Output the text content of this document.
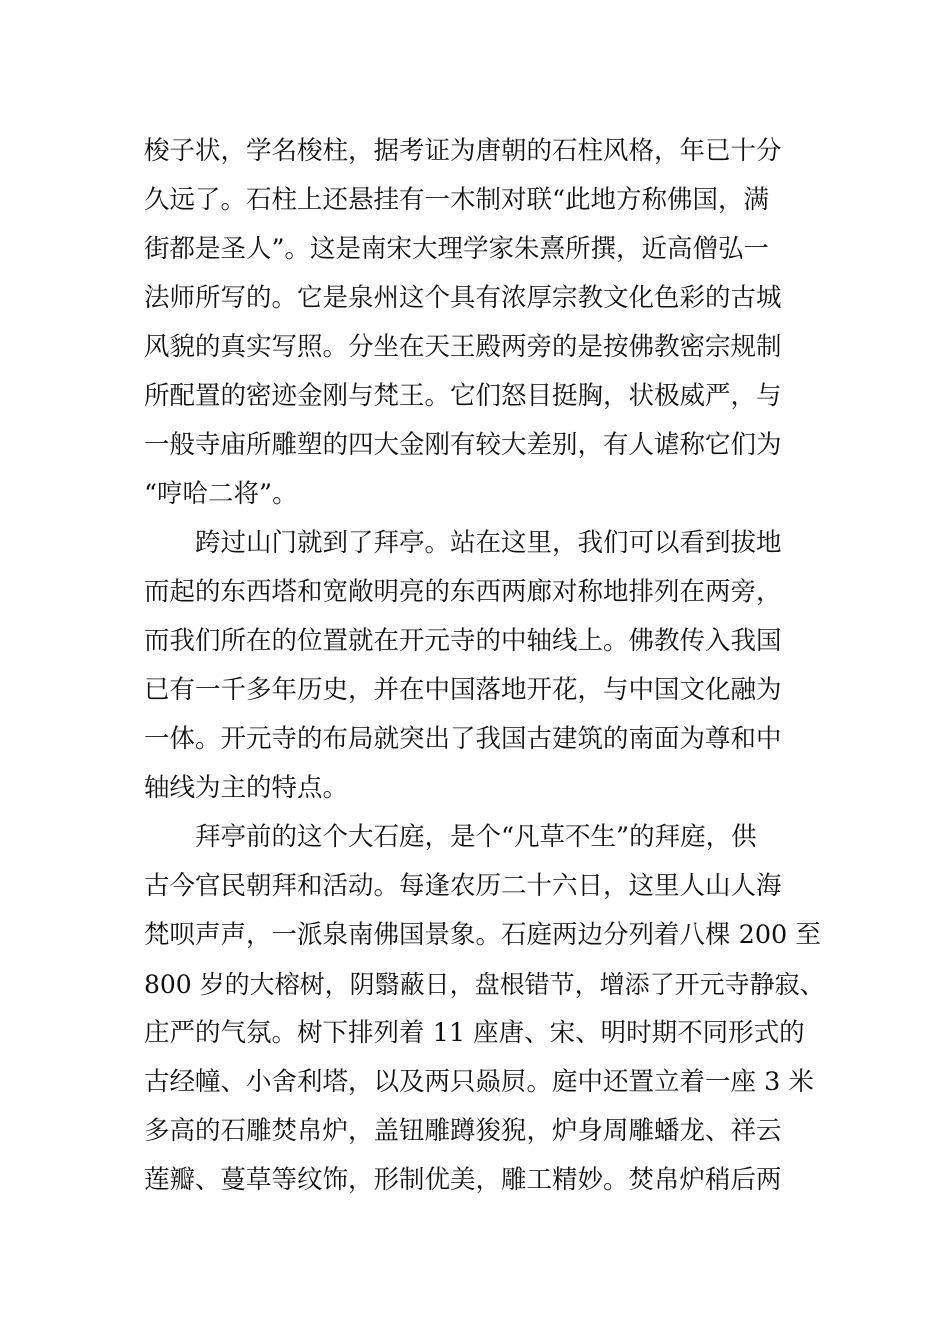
梭子状，学名梭柱，据考证为唐朝的石柱风格，年已十分
久远了。石柱上还悬挂有一木制对联“此地方称佛国，满
街都是圣人”。这是南宋大理学家朱熹所撰，近高僧弘一
法师所写的。它是泉州这个具有浓厚宗教文化色彩的古城
风貌的真实写照。分坐在天王殿两旁的是按佛教密宗规制
所配置的密迹金刚与梵王。它们怒目挺胸，状极威严，与
一般寺庙所雕塑的四大金刚有较大差别，有人谑称它们为
“哼哈二将”。
　　跨过山门就到了拜亭。站在这里，我们可以看到拔地
而起的东西塔和宽敞明亮的东西两廊对称地排列在两旁，
而我们所在的位置就在开元寺的中轴线上。佛教传入我国
已有一千多年历史，并在中国落地开花，与中国文化融为
一体。开元寺的布局就突出了我国古建筑的南面为尊和中
轴线为主的特点。
　　拜亭前的这个大石庭，是个“凡草不生”的拜庭，供
古今官民朝拜和活动。每逢农历二十六日，这里人山人海
梵呗声声，一派泉南佛国景象。石庭两边分列着八棵 200 至
800 岁的大榕树，阴翳蔽日，盘根错节，增添了开元寺静寂、
庄严的气氛。树下排列着 11 座唐、宋、明时期不同形式的
古经幢、小舍利塔，以及两只赑屃。庭中还置立着一座 3 米
多高的石雕焚帛炉，盖钮雕蹲狻猊，炉身周雕蟠龙、祥云
莲瓣、蔓草等纹饰，形制优美，雕工精妙。焚帛炉稍后两
